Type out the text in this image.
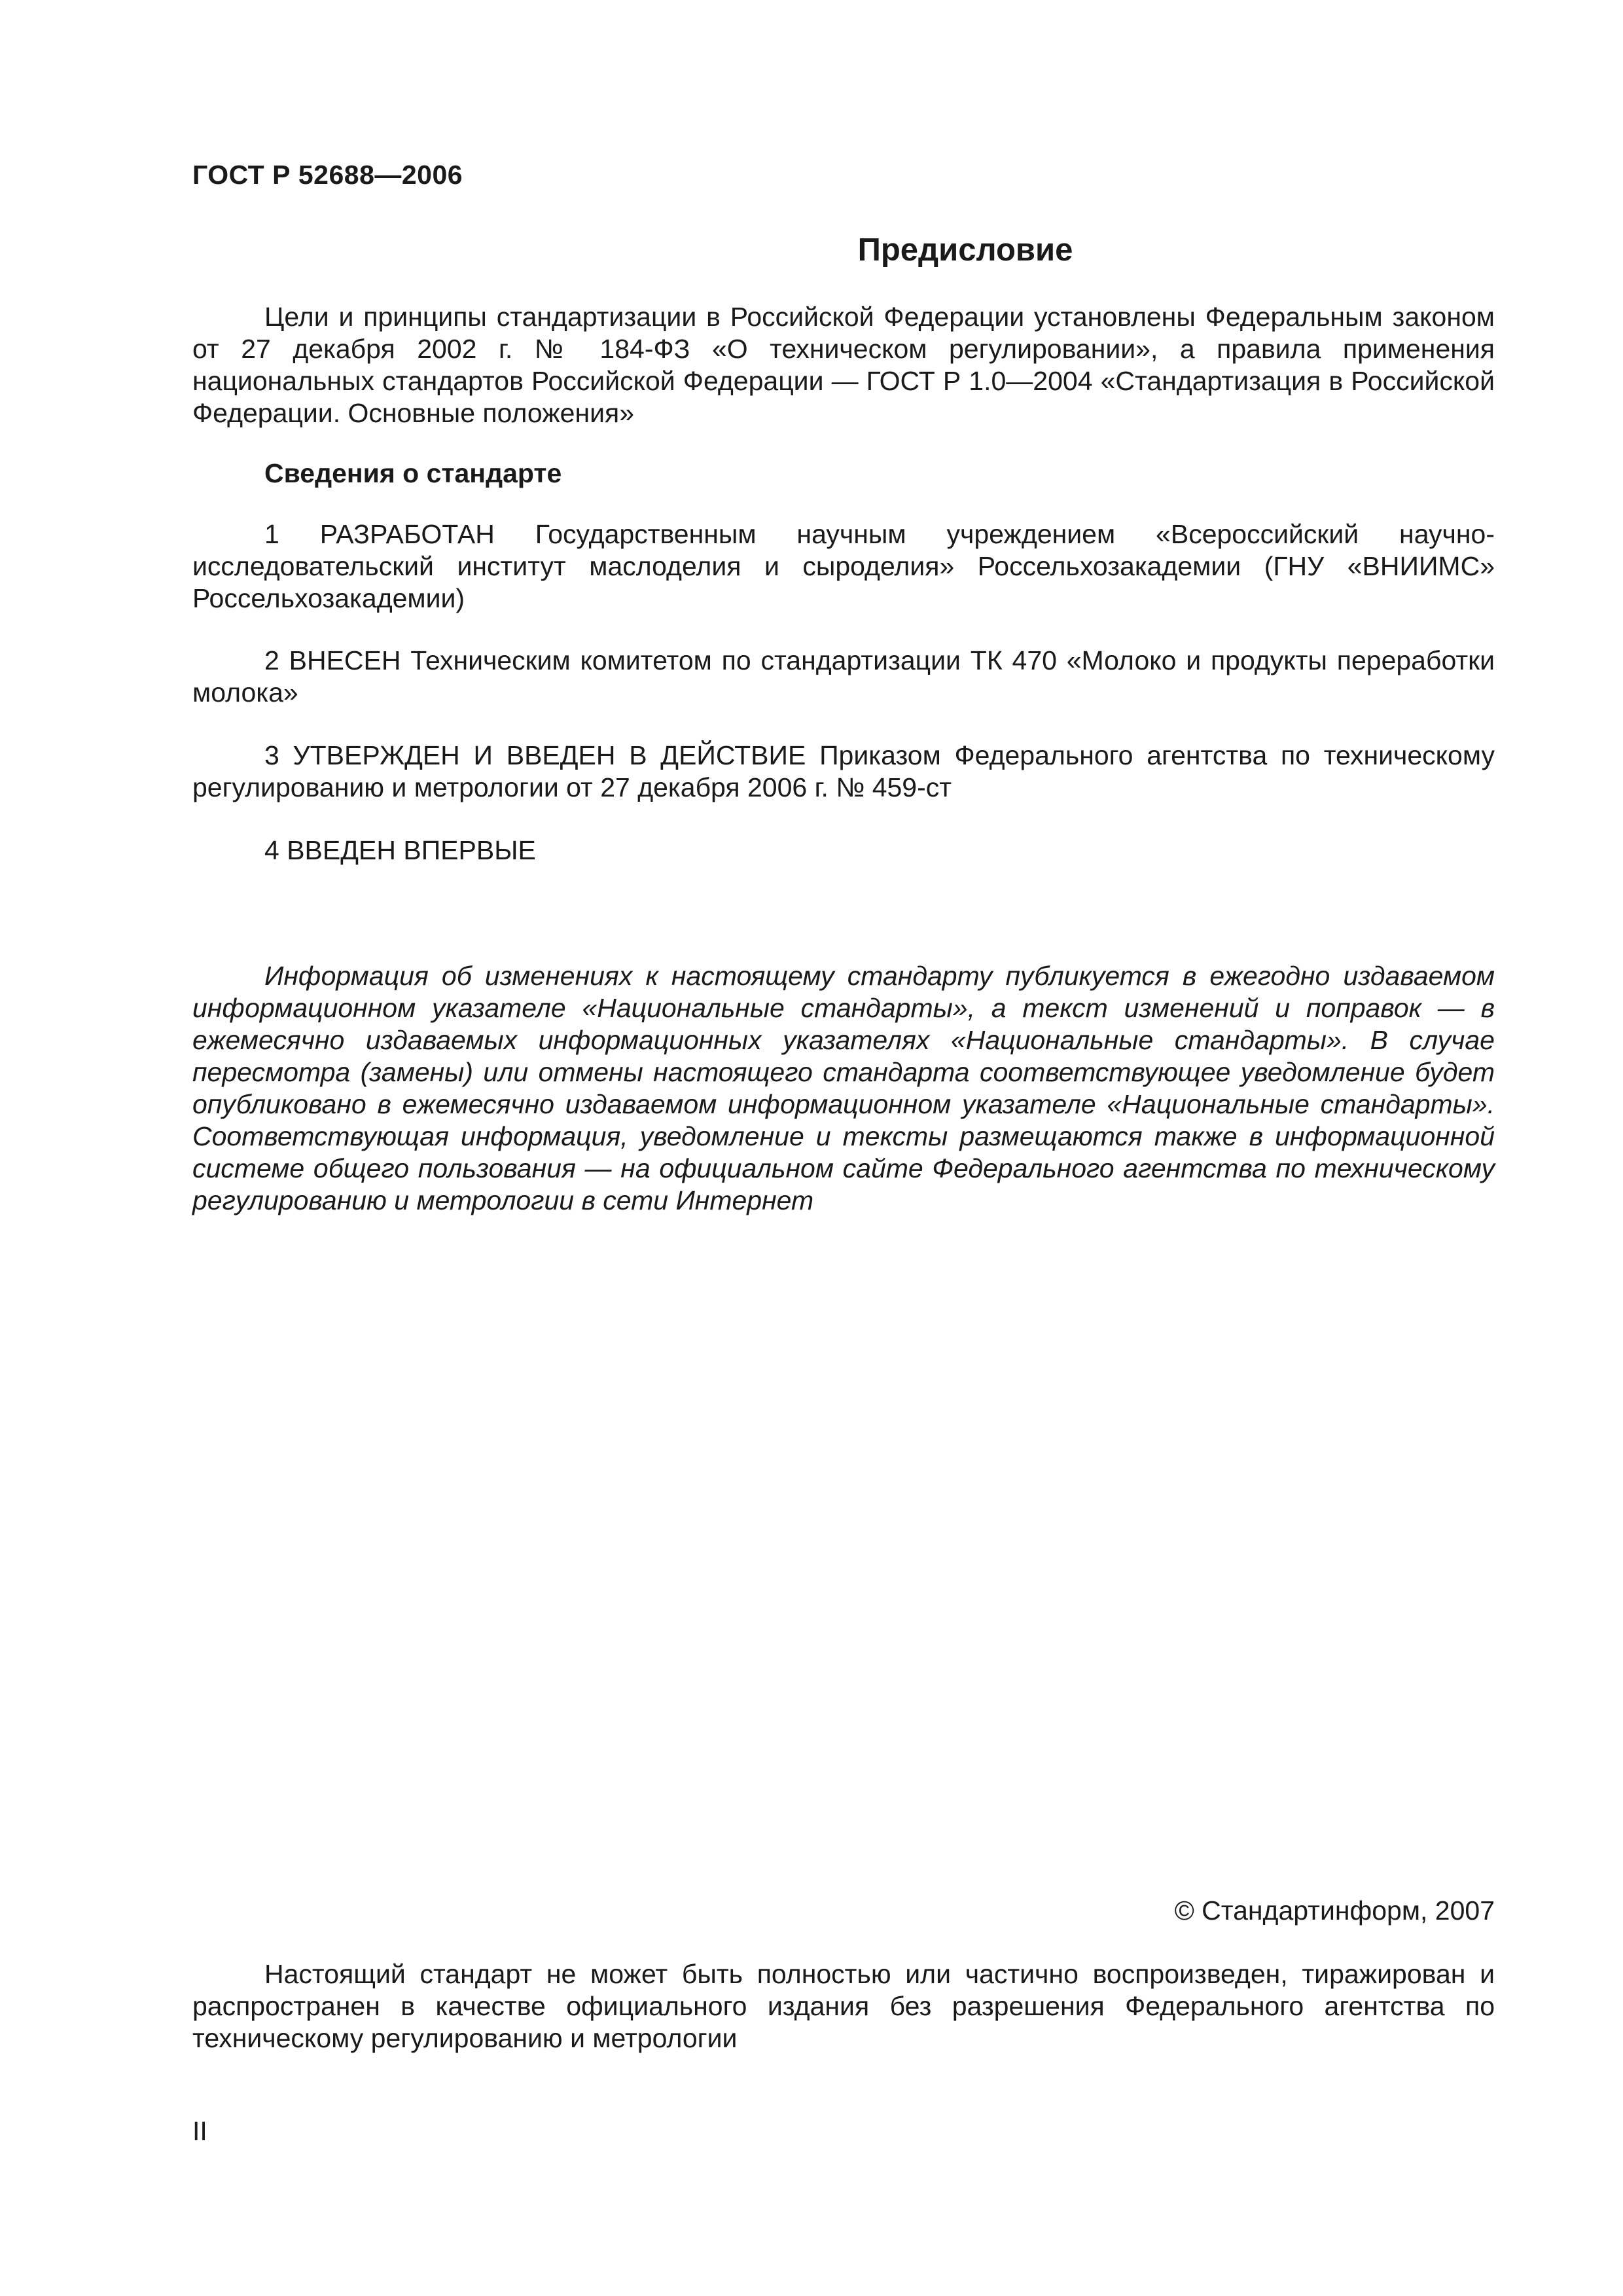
ГОСТ Р 52688—2006
Предисловие
Цели и принципы стандартизации в Российской Федерации установлены Федеральным законом от 27 декабря 2002 г. № 184-ФЗ «О техническом регулировании», а правила применения национальных стандартов Российской Федерации — ГОСТ Р 1.0—2004 «Стандартизация в Российской Федерации. Основные положения»
Сведения о стандарте
1 РАЗРАБОТАН Государственным научным учреждением «Всероссийский научно-исследовательский институт маслоделия и сыроделия» Россельхозакадемии (ГНУ «ВНИИМС» Россельхозакадемии)
2 ВНЕСЕН Техническим комитетом по стандартизации ТК 470 «Молоко и продукты переработки молока»
3 УТВЕРЖДЕН И ВВЕДЕН В ДЕЙСТВИЕ Приказом Федерального агентства по техническому регулированию и метрологии от 27 декабря 2006 г. № 459-ст
4 ВВЕДЕН ВПЕРВЫЕ
Информация об изменениях к настоящему стандарту публикуется в ежегодно издаваемом информационном указателе «Национальные стандарты», а текст изменений и поправок — в ежемесячно издаваемых информационных указателях «Национальные стандарты». В случае пересмотра (замены) или отмены настоящего стандарта соответствующее уведомление будет опубликовано в ежемесячно издаваемом информационном указателе «Национальные стандарты». Соответствующая информация, уведомление и тексты размещаются также в информационной системе общего пользования — на официальном сайте Федерального агентства по техническому регулированию и метрологии в сети Интернет
© Стандартинформ, 2007
Настоящий стандарт не может быть полностью или частично воспроизведен, тиражирован и распространен в качестве официального издания без разрешения Федерального агентства по техническому регулированию и метрологии
II
